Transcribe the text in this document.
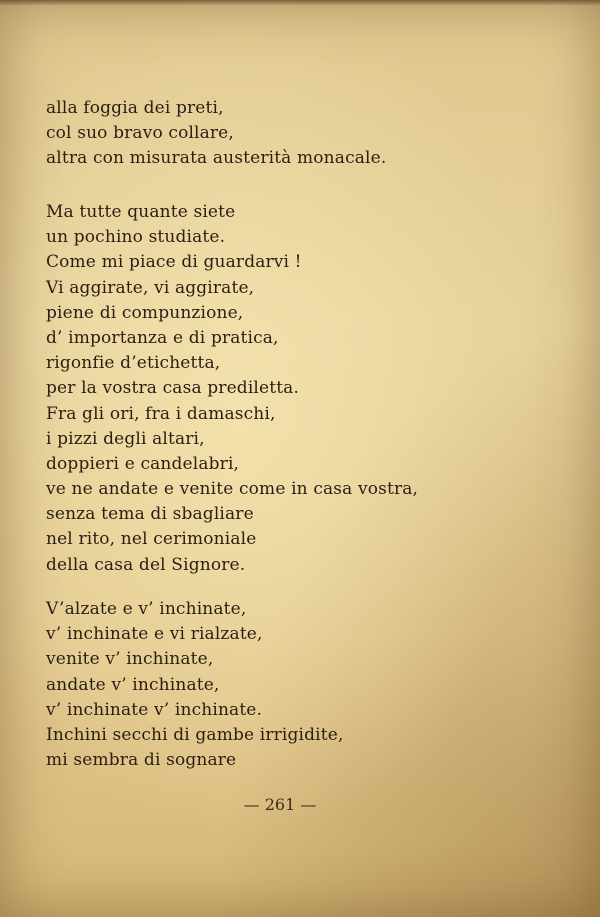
alla foggia dei preti,
col suo bravo collare,
altra con misurata austerità monacale.
Ma tutte quante siete
un pochino studiate.
Come mi piace di guardarvi !
Vi aggirate, vi aggirate,
piene di compunzione,
d’ importanza e di pratica,
rigonfie d’etichetta,
per la vostra casa prediletta.
Fra gli ori, fra i damaschi,
i pizzi degli altari,
doppieri e candelabri,
ve ne andate e venite come in casa vostra,
senza tema di sbagliare
nel rito, nel cerimoniale
della casa del Signore.
V’alzate e v’ inchinate,
v’ inchinate e vi rialzate,
venite v’ inchinate,
andate v’ inchinate,
v’ inchinate v’ inchinate.
Inchini secchi di gambe irrigidite,
mi sembra di sognare
— 261 —
